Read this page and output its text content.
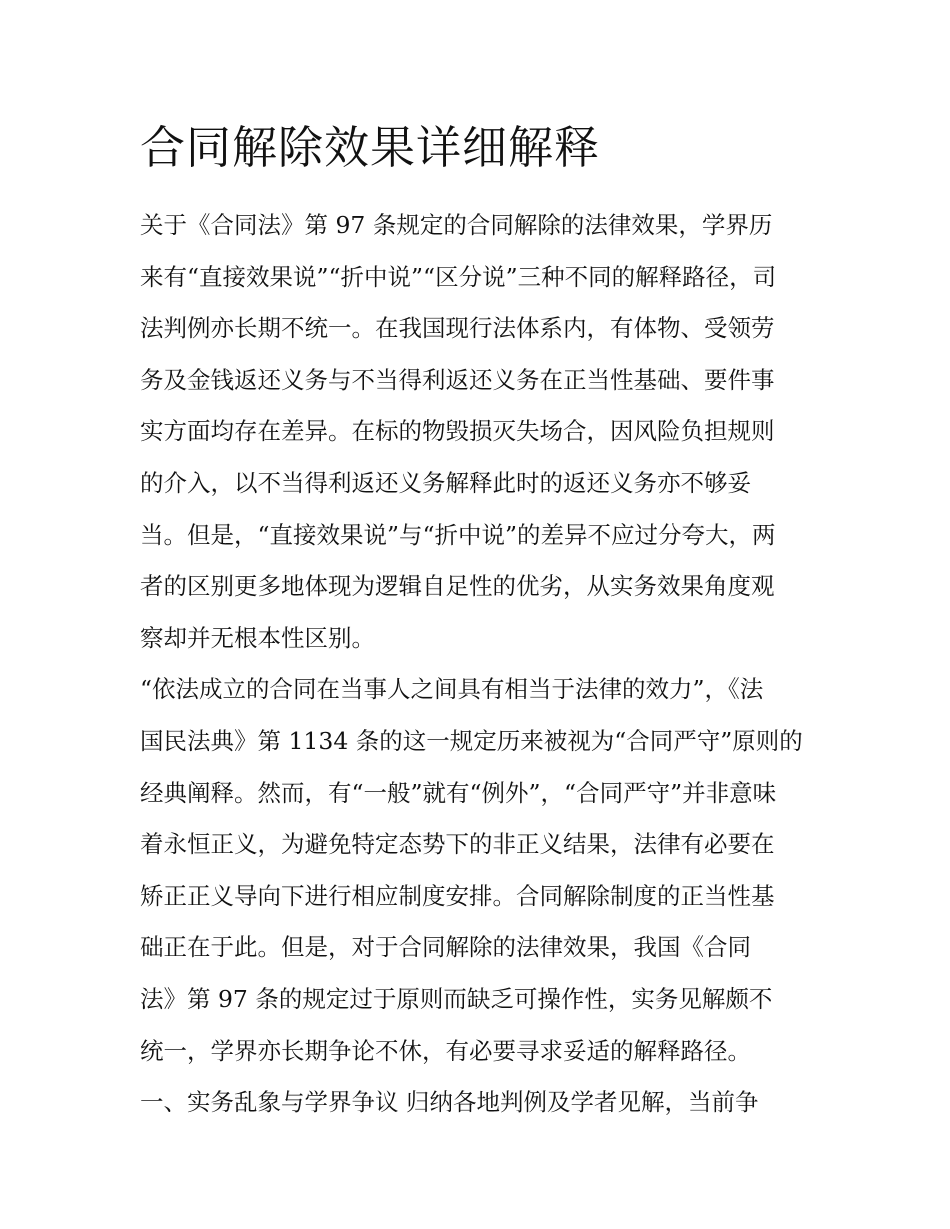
合同解除效果详细解释

关于《合同法》第 97 条规定的合同解除的法律效果，学界历
来有“直接效果说”“折中说”“区分说”三种不同的解释路径，司
法判例亦长期不统一。在我国现行法体系内，有体物、受领劳
务及金钱返还义务与不当得利返还义务在正当性基础、要件事
实方面均存在差异。在标的物毁损灭失场合，因风险负担规则
的介入，以不当得利返还义务解释此时的返还义务亦不够妥
当。但是，“直接效果说”与“折中说”的差异不应过分夸大，两
者的区别更多地体现为逻辑自足性的优劣，从实务效果角度观
察却并无根本性区别。

“依法成立的合同在当事人之间具有相当于法律的效力”，《法
国民法典》第 1134 条的这一规定历来被视为“合同严守”原则的
经典阐释。然而，有“一般”就有“例外”，“合同严守”并非意味
着永恒正义，为避免特定态势下的非正义结果，法律有必要在
矫正正义导向下进行相应制度安排。合同解除制度的正当性基
础正在于此。但是，对于合同解除的法律效果，我国《合同
法》第 97 条的规定过于原则而缺乏可操作性，实务见解颇不
统一，学界亦长期争论不休，有必要寻求妥适的解释路径。

一、实务乱象与学界争议 归纳各地判例及学者见解，当前争
